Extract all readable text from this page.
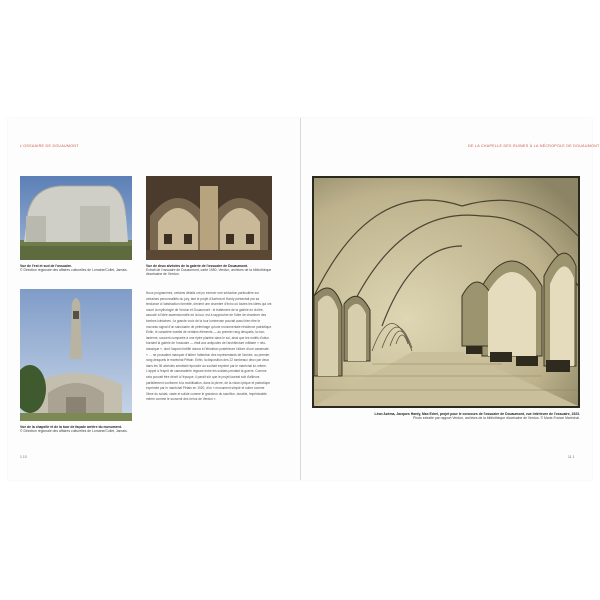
L'OSSUAIRE DE DOUAUMONT
Vue de l'est et sud de l'ossuaire.
© Direction régionale des affaires culturelles de Lorraine/Collet, Jamais.
Vue de deux alvéoles de la galerie de l'ossuaire de Douaumont.
Extrait de l'ossuaire de Douaumont, carte 1950, Verdun, archives de la bibliothèque diocésaine de Verdun.
Vue de la chapelle et de la tour de façade arrière du monument.
© Direction régionale des affaires culturelles de Lorraine/Collet, Jamais.
Nous programmes, certains détails ont pu exercer une séduction particulière sur certaines personnalités du jury, tant le projet d'Azéma et Hardy présentait par sa tendance à l'abstraction formelle, devient une chambre d'écho où toutes les idées qui ont nourri la mythologie de Verdun et Douaumont : le traitement de la galerie en cloître, associé à l'idée ascensionnelle de la tour, est à rapprocher de l'idée de chambrer des tombes lointaines ; la grande croix de la tour lumineuse pouvait aussi bien être le nouveau signal d'un sanctuaire de pèlerinage qu'une monumentale résidence patriotique. Enfin, le caractère martial de certains éléments — au premier rang desquels, la tour-lanterne, souvent comparée à une épée plantée dans le sol, ainsi que les motifs d'obus bordant la galerie de l'ossuaire — était aux antipodes de l'architecture militaire « néo-classique », dont l'aspect fortifié donna à l'élévation postérieure l'allure d'une casemate. « … ne pouvaient manquer d'attirer l'attention des représentants de l'armée, au premier rang desquels le maréchal Pétain. Enfin, la disposition des 22 tombeaux deux par deux dans les 36 alvéoles semblait répondre au souhait exprimé par le maréchal lui-même. L'appel à l'esprit de camaraderie régnant entre les soldats pendant la guerre. Comme cela pouvait être décrit à l'époque, il paraît sûr que le projet lauréat soit d'ailleurs parfaitement conforme à la mobilisation, dans la pierre, de la vision lyrique et patriotique exprimée par le maréchal Pétain en 1920, d'un « monument simple et sobre comme l'âme du soldat, vaste et solide comme le grandeur du sacrifice, durable, impérissable même comme le souvenir des héros de Verdun ».
1 10
DE LA CHAPELLE DES RUINES À LA NÉCROPOLE DE DOUAUMONT
Léon Azéma, Jacques Hardy, Max Edrei, projet pour le concours de l'ossuaire de Douaumont, vue intérieure de l'ossuaire, 1923.
Photo extraite par rapport Verdun, archives de la bibliothèque diocésaine de Verdun. © Marie-France Maréchal.
11 1
